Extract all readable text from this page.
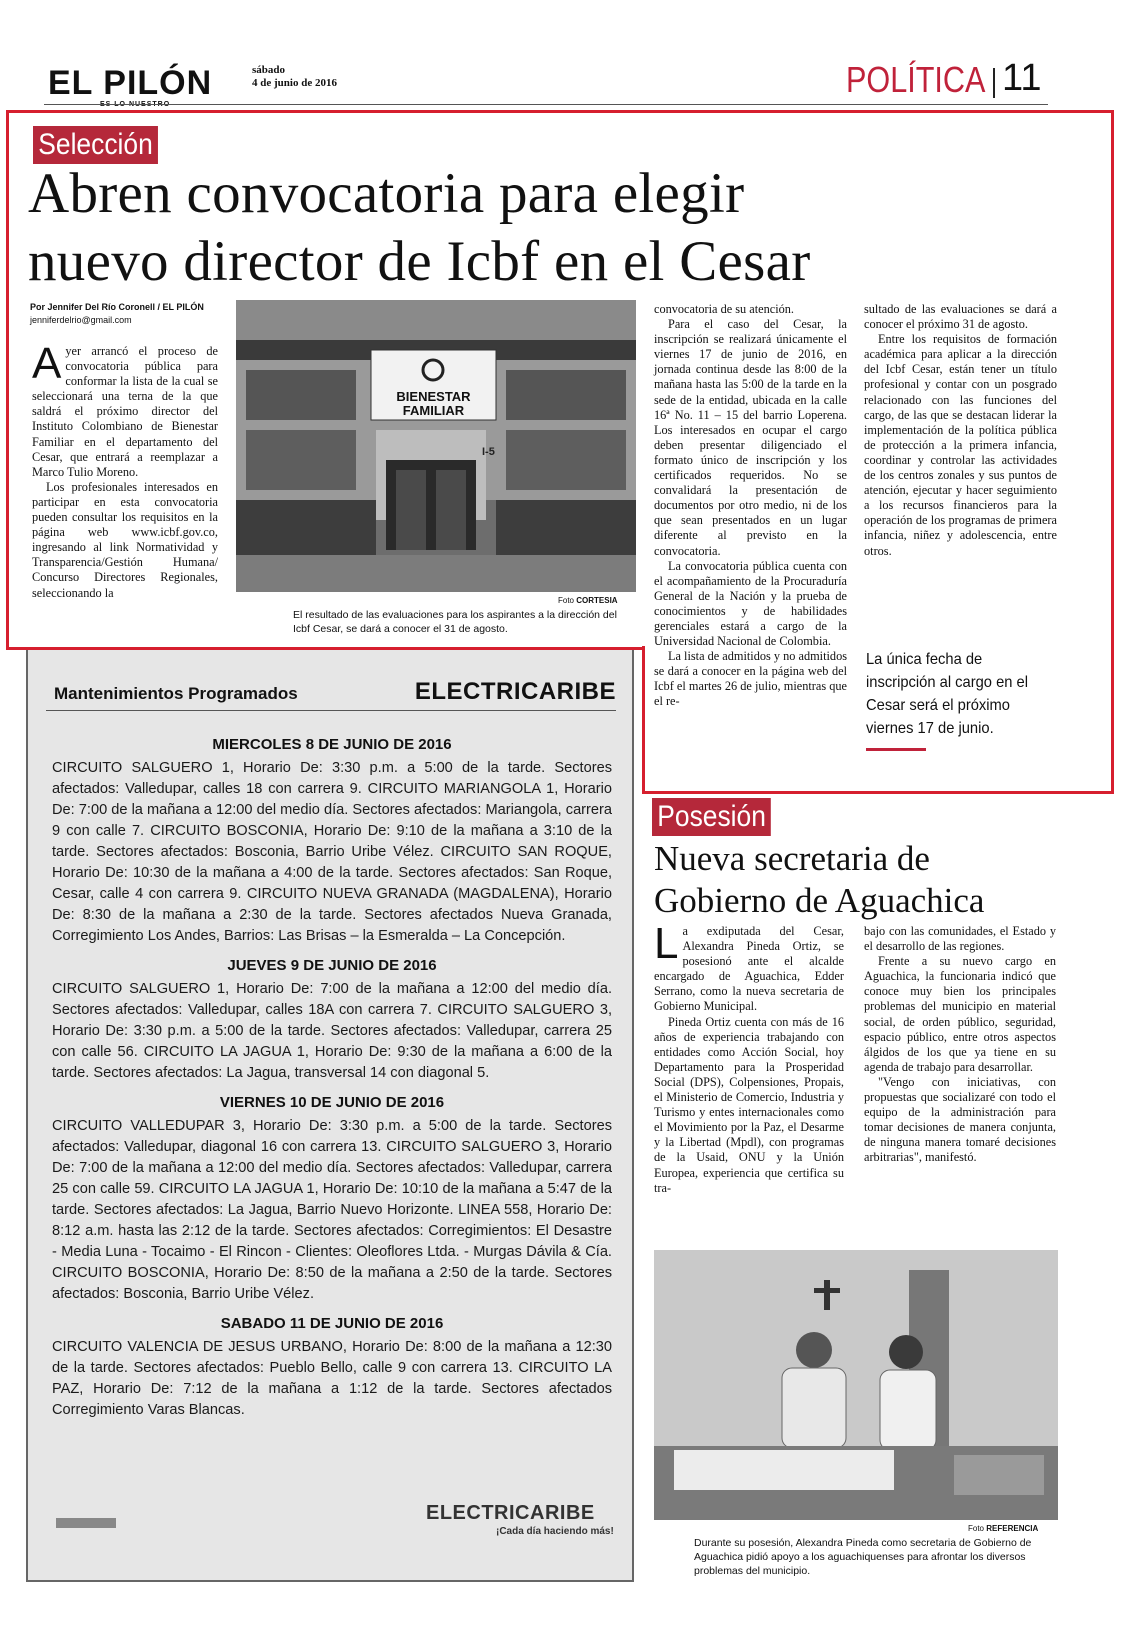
EL PILÓN	sábado
4 de junio de 2016	POLÍTICA 11
Selección
Abren convocatoria para elegir
nuevo director de Icbf en el Cesar
Por Jennifer Del Río Coronell / EL PILÓN
jenniferdelrio@gmail.com

Ayer arrancó el proceso de convocatoria pública para conformar la lista de la cual se seleccionará una terna de la que saldrá el próximo director del Instituto Colombiano de Bienestar Familiar en el departamento del Cesar, que entrará a reemplazar a Marco Tulio Moreno.

Los profesionales interesados en participar en esta convocatoria pueden consultar los requisitos en la página web www.icbf.gov.co, ingresando al link Normatividad y Transparencia/Gestión Humana/ Concurso Directores Regionales, seleccionando la

BIENESTAR
FAMILIAR
I-5
Foto CORTESIA
El resultado de las evaluaciones para los aspirantes a la dirección del Icbf Cesar, se dará a conocer el 31 de agosto.

convocatoria de su atención.

Para el caso del Cesar, la inscripción se realizará únicamente el viernes 17 de junio de 2016, en jornada continua desde las 8:00 de la mañana hasta las 5:00 de la tarde en la sede de la entidad, ubicada en la calle 16ª No. 11 – 15 del barrio Loperena. Los interesados en ocupar el cargo deben presentar diligenciado el formato único de inscripción y los certificados requeridos. No se convalidará la presentación de documentos por otro medio, ni de los que sean presentados en un lugar diferente al previsto en la convocatoria.

La convocatoria pública cuenta con el acompañamiento de la Procuraduría General de la Nación y la prueba de conocimientos y de habilidades gerenciales estará a cargo de la Universidad Nacional de Colombia.

La lista de admitidos y no admitidos se dará a conocer en la página web del Icbf el martes 26 de julio, mientras que el re-

sultado de las evaluaciones se dará a conocer el próximo 31 de agosto.

Entre los requisitos de formación académica para aplicar a la dirección del Icbf Cesar, están tener un título profesional y contar con un posgrado relacionado con las funciones del cargo, de las que se destacan liderar la implementación de la política pública de protección a la primera infancia, coordinar y controlar las actividades de los centros zonales y sus puntos de atención, ejecutar y hacer seguimiento a los recursos financieros para la operación de los programas de primera infancia, niñez y adolescencia, entre otros.

La única fecha de inscripción al cargo en el Cesar será el próximo viernes 17 de junio.
Mantenimientos Programados	ELECTRICARIBE
MIERCOLES 8 DE JUNIO DE 2016
CIRCUITO SALGUERO 1, Horario De: 3:30 p.m. a 5:00 de la tarde. Sectores afectados: Valledupar, calles 18 con carrera 9. CIRCUITO MARIANGOLA 1, Horario De: 7:00 de la mañana a 12:00 del medio día. Sectores afectados: Mariangola, carrera 9 con calle 7. CIRCUITO BOSCONIA, Horario De: 9:10 de la mañana a 3:10 de la tarde. Sectores afectados: Bosconia, Barrio Uribe Vélez. CIRCUITO SAN ROQUE, Horario De: 10:30 de la mañana a 4:00 de la tarde. Sectores afectados: San Roque, Cesar, calle 4 con carrera 9. CIRCUITO NUEVA GRANADA (MAGDALENA), Horario De: 8:30 de la mañana a 2:30 de la tarde. Sectores afectados Nueva Granada, Corregimiento Los Andes, Barrios: Las Brisas – la Esmeralda – La Concepción.
JUEVES 9 DE JUNIO DE 2016
CIRCUITO SALGUERO 1, Horario De: 7:00 de la mañana a 12:00 del medio día. Sectores afectados: Valledupar, calles 18A con carrera 7. CIRCUITO SALGUERO 3, Horario De: 3:30 p.m. a 5:00 de la tarde. Sectores afectados: Valledupar, carrera 25 con calle 56. CIRCUITO LA JAGUA 1, Horario De: 9:30 de la mañana a 6:00 de la tarde. Sectores afectados: La Jagua, transversal 14 con diagonal 5.
VIERNES 10 DE JUNIO DE 2016
CIRCUITO VALLEDUPAR 3, Horario De: 3:30 p.m. a 5:00 de la tarde. Sectores afectados: Valledupar, diagonal 16 con carrera 13. CIRCUITO SALGUERO 3, Horario De: 7:00 de la mañana a 12:00 del medio día. Sectores afectados: Valledupar, carrera 25 con calle 59. CIRCUITO LA JAGUA 1, Horario De: 10:10 de la mañana a 5:47 de la tarde. Sectores afectados: La Jagua, Barrio Nuevo Horizonte. LINEA 558, Horario De: 8:12 a.m. hasta las 2:12 de la tarde. Sectores afectados: Corregimientos: El Desastre - Media Luna - Tocaimo - El Rincon - Clientes: Oleoflores Ltda. - Murgas Dávila & Cía. CIRCUITO BOSCONIA, Horario De: 8:50 de la mañana a 2:50 de la tarde. Sectores afectados: Bosconia, Barrio Uribe Vélez.
SABADO 11 DE JUNIO DE 2016
CIRCUITO VALENCIA DE JESUS URBANO, Horario De: 8:00 de la mañana a 12:30 de la tarde. Sectores afectados: Pueblo Bello, calle 9 con carrera 13. CIRCUITO LA PAZ, Horario De: 7:12 de la mañana a 1:12 de la tarde. Sectores afectados Corregimiento Varas Blancas.
ELECTRICARIBE
¡Cada día haciendo más!
Posesión
Nueva secretaria de
Gobierno de Aguachica

La exdiputada del Cesar, Alexandra Pineda Ortiz, se posesionó ante el alcalde encargado de Aguachica, Edder Serrano, como la nueva secretaria de Gobierno Municipal.

Pineda Ortiz cuenta con más de 16 años de experiencia trabajando con entidades como Acción Social, hoy Departamento para la Prosperidad Social (DPS), Colpensiones, Propais, el Ministerio de Comercio, Industria y Turismo y entes internacionales como el Movimiento por la Paz, el Desarme y la Libertad (Mpdl), con programas de la Usaid, ONU y la Unión Europea, experiencia que certifica su tra-

bajo con las comunidades, el Estado y el desarrollo de las regiones.

Frente a su nuevo cargo en Aguachica, la funcionaria indicó que conoce muy bien los principales problemas del municipio en material social, de orden público, seguridad, espacio público, entre otros aspectos álgidos de los que ya tiene en su agenda de trabajo para desarrollar.

"Vengo con iniciativas, con propuestas que socializaré con todo el equipo de la administración para tomar decisiones de manera conjunta, de ninguna manera tomaré decisiones arbitrarias", manifestó.

Foto REFERENCIA
Durante su posesión, Alexandra Pineda como secretaria de Gobierno de Aguachica pidió apoyo a los aguachiquenses para afrontar los diversos problemas del municipio.
